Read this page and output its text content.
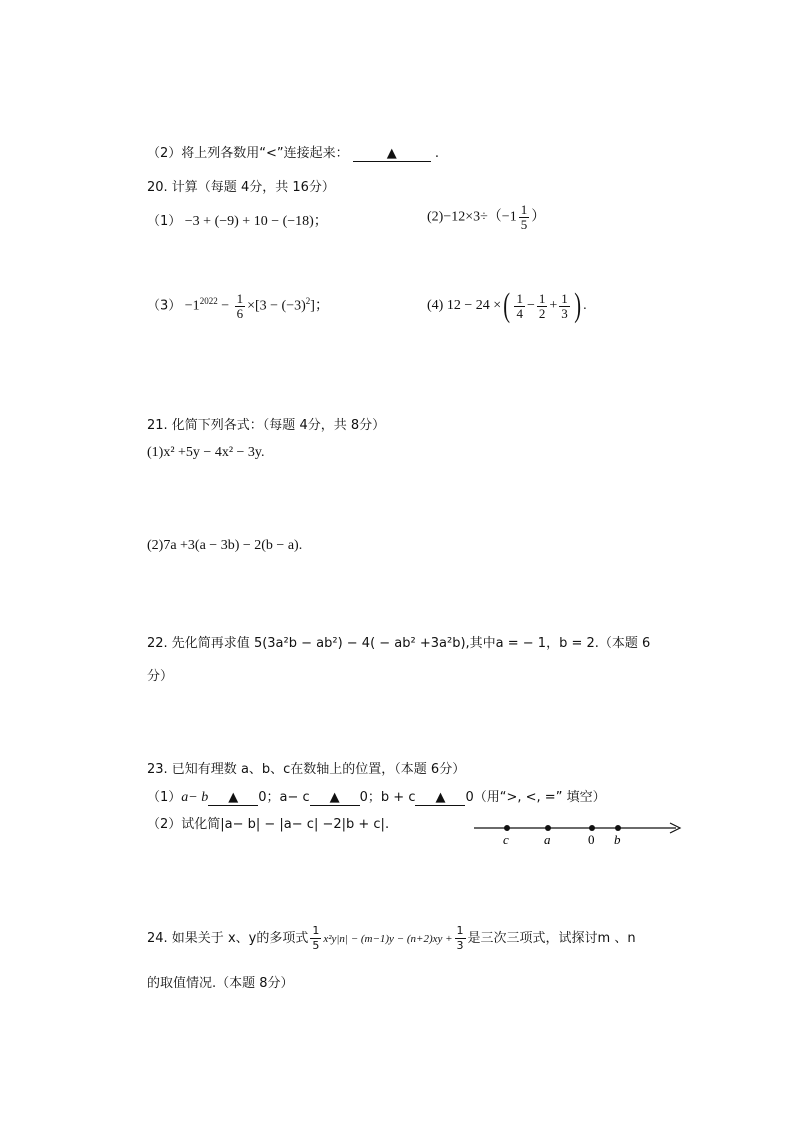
（2）将上列各数用“<”连接起来：	▲	.
20. 计算（每题 4分，共 16分）
（1） −3 + (−9) + 10 − (−18)；	$(2)-12\times 3\div(-1 \frac{1}{5}$ ）
$(3) -1^{2022} - \frac{1}{6} \times[3 - (-3)^2]$；	(4) 12 − 24 ×( $\frac{1}{4} - \frac{1}{2} + \frac{1}{3}$ ) .
21. 化简下列各式：（每题 4分，共 8分）
(1)x² +5y − 4x² − 3y.
(2)7a +3(a − 3b) − 2(b − a).
22. 先化简再求值 5(3a²b − ab²) − 4( − ab² +3a²b),其中a = − 1，b = 2.（本题 6
分）
23. 已知有理数 a、b、c在数轴上的位置，（本题 6分）
（1）a− b ▲ 0；a− c ▲ 0；b + c ▲ 0（用“>, <, =” 填空）
（2）试化简|a− b| − |a− c| −2|b + c|.
c	a	0 b
24. 如果关于 x、y的多项式 $\frac{1}{5} x^2y|n| - (m-1)y - (n+2)xy + \frac{1}{3}$ 是三次三项式，试探讨m 、n
的取值情况.（本题 8分）
